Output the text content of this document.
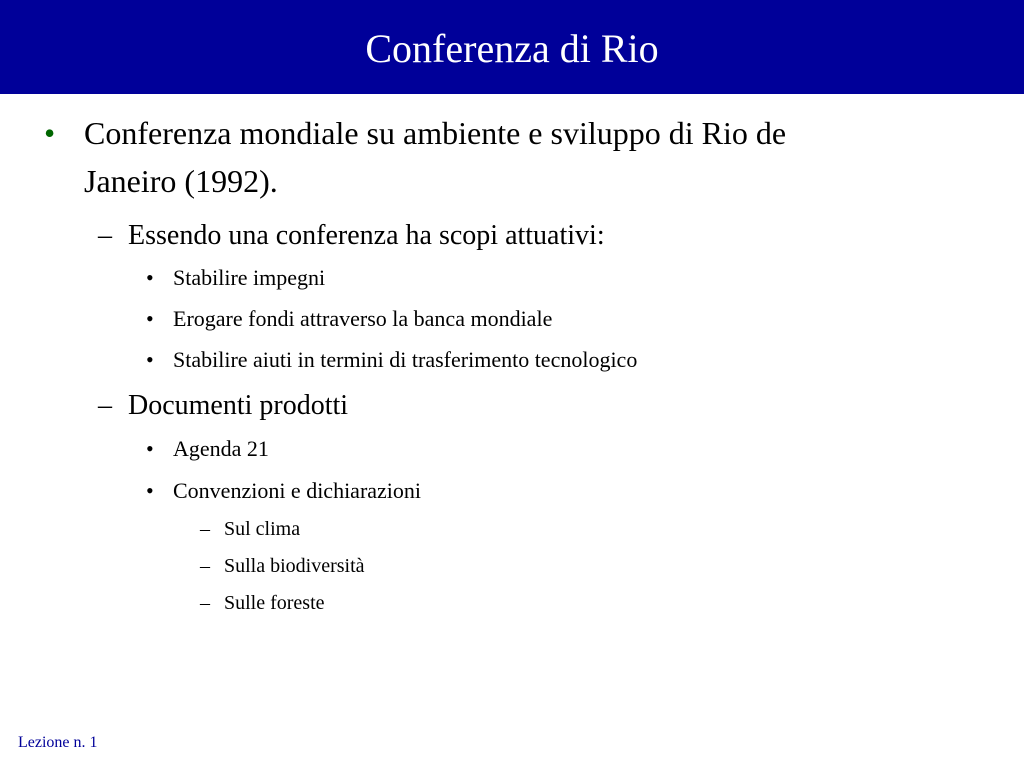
Conferenza di Rio
• Conferenza mondiale su ambiente e sviluppo di Rio de
Janeiro (1992).
– Essendo una conferenza ha scopi attuativi:
• Stabilire impegni
• Erogare fondi attraverso la banca mondiale
• Stabilire aiuti in termini di trasferimento tecnologico
– Documenti prodotti
• Agenda 21
• Convenzioni e dichiarazioni
– Sul clima
– Sulla biodiversità
– Sulle foreste
Lezione n. 1
